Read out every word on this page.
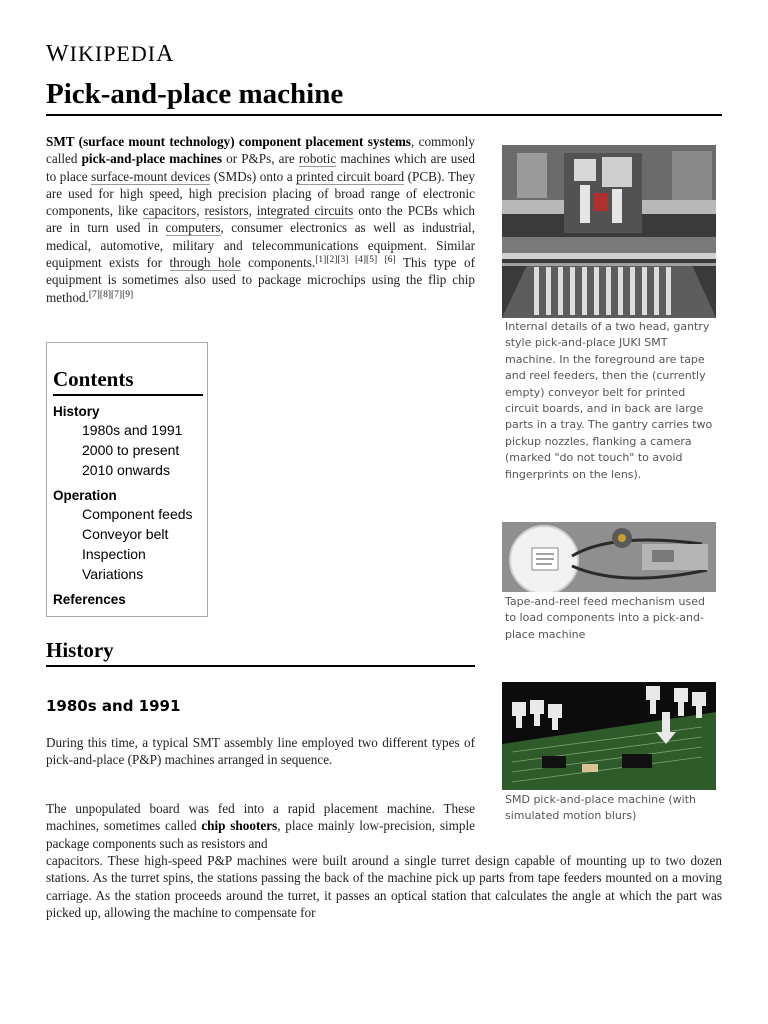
WIKIPEDIA
Pick-and-place machine

SMT (surface mount technology) component placement systems, commonly called pick-and-place machines or P&Ps, are robotic machines which are used to place surface-mount devices (SMDs) onto a printed circuit board (PCB). They are used for high speed, high precision placing of broad range of electronic components, like capacitors, resistors, integrated circuits onto the PCBs which are in turn used in computers, consumer electronics as well as industrial, medical, automotive, military and telecommunications equipment. Similar equipment exists for through hole components.[1][2][3] [4][5] [6] This type of equipment is sometimes also used to package microchips using the flip chip method.[7][8][7][9]

Contents
History
1980s and 1991
2000 to present
2010 onwards
Operation
Component feeds
Conveyor belt
Inspection
Variations
References
Internal details of a two head, gantry style pick-and-place JUKI SMT machine. In the foreground are tape and reel feeders, then the (currently empty) conveyor belt for printed circuit boards, and in back are large parts in a tray. The gantry carries two pickup nozzles, flanking a camera (marked "do not touch" to avoid fingerprints on the lens).
Tape-and-reel feed mechanism used to load components into a pick-and-place machine
SMD pick-and-place machine (with simulated motion blurs)
History
1980s and 1991

During this time, a typical SMT assembly line employed two different types of pick-and-place (P&P) machines arranged in sequence.

The unpopulated board was fed into a rapid placement machine. These machines, sometimes called chip shooters, place mainly low-precision, simple package components such as resistors and

capacitors. These high-speed P&P machines were built around a single turret design capable of mounting up to two dozen stations. As the turret spins, the stations passing the back of the machine pick up parts from tape feeders mounted on a moving carriage. As the station proceeds around the turret, it passes an optical station that calculates the angle at which the part was picked up, allowing the machine to compensate for
